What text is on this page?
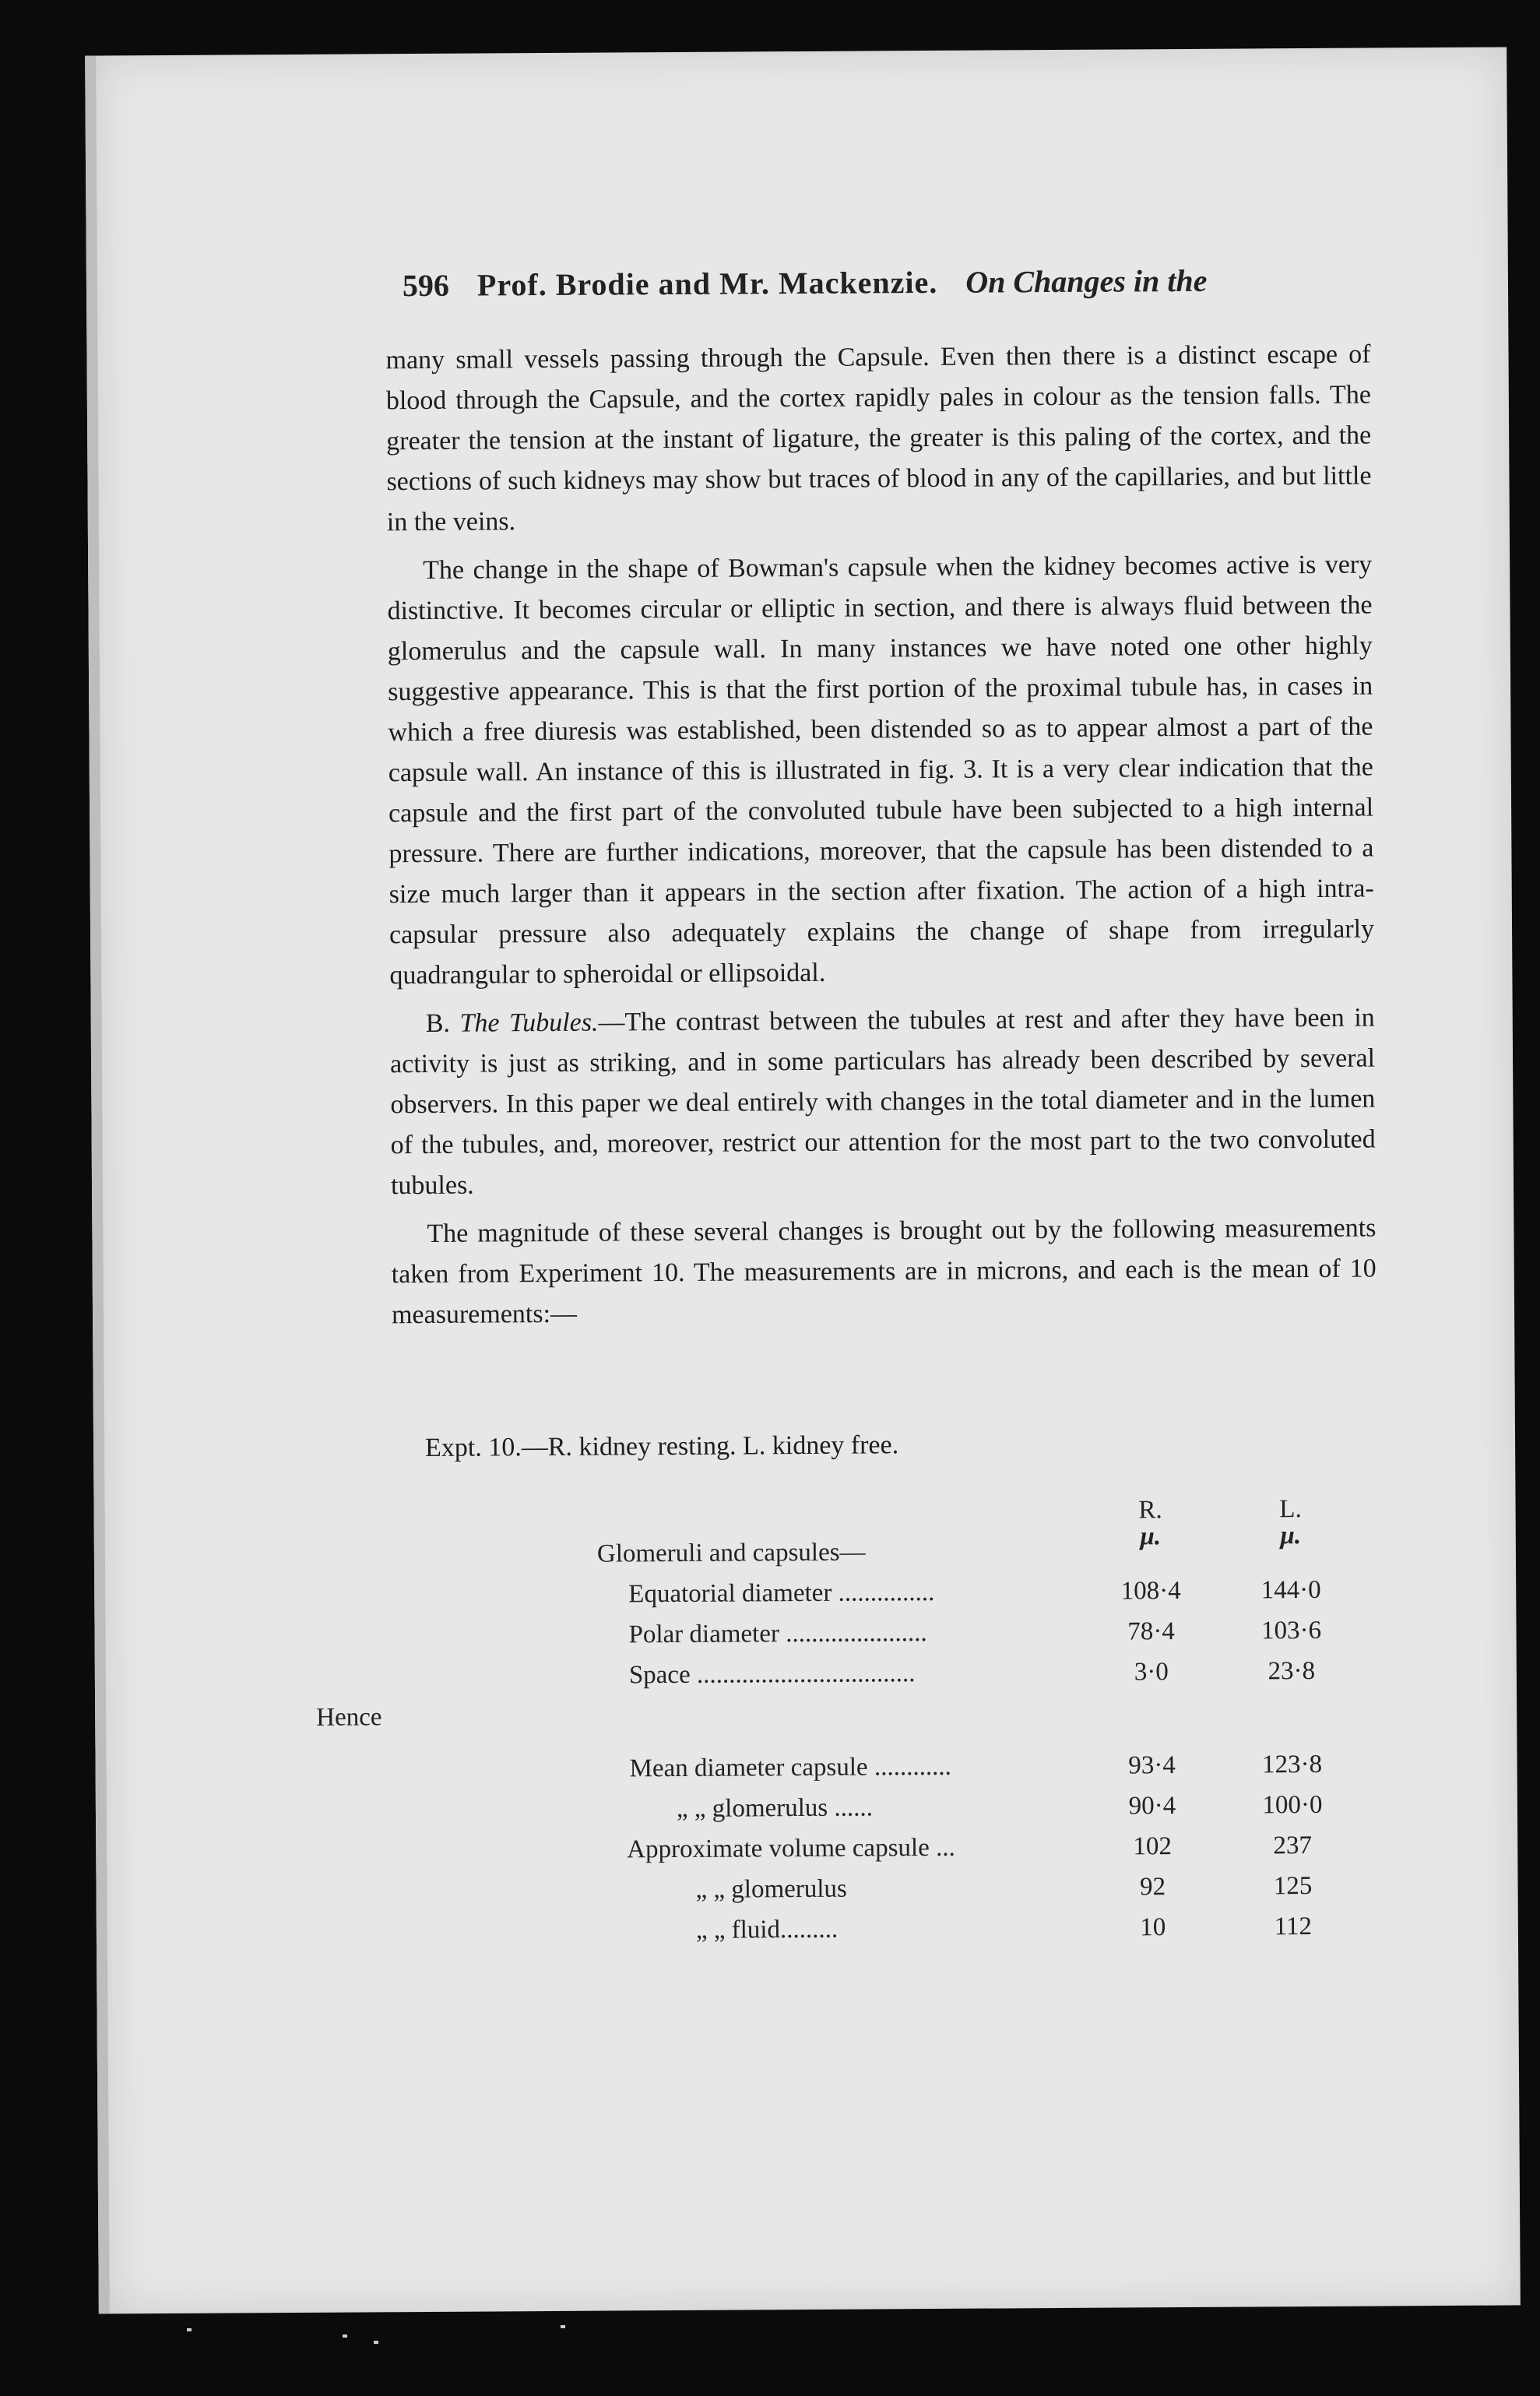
596 Prof. Brodie and Mr. Mackenzie. On Changes in the

many small vessels passing through the Capsule. Even then there is a distinct escape of blood through the Capsule, and the cortex rapidly pales in colour as the tension falls. The greater the tension at the instant of ligature, the greater is this paling of the cortex, and the sections of such kidneys may show but traces of blood in any of the capillaries, and but little in the veins.

The change in the shape of Bowman's capsule when the kidney becomes active is very distinctive. It becomes circular or elliptic in section, and there is always fluid between the glomerulus and the capsule wall. In many instances we have noted one other highly suggestive appearance. This is that the first portion of the proximal tubule has, in cases in which a free diuresis was established, been distended so as to appear almost a part of the capsule wall. An instance of this is illustrated in fig. 3. It is a very clear indication that the capsule and the first part of the convoluted tubule have been subjected to a high internal pressure. There are further indications, moreover, that the capsule has been distended to a size much larger than it appears in the section after fixation. The action of a high intra-capsular pressure also adequately explains the change of shape from irregularly quadrangular to spheroidal or ellipsoidal.

B. The Tubules.—The contrast between the tubules at rest and after they have been in activity is just as striking, and in some particulars has already been described by several observers. In this paper we deal entirely with changes in the total diameter and in the lumen of the tubules, and, moreover, restrict our attention for the most part to the two convoluted tubules.

The magnitude of these several changes is brought out by the following measurements taken from Experiment 10. The measurements are in microns, and each is the mean of 10 measurements:—

Expt. 10.—R. kidney resting. L. kidney free.
R.	L.
μ.	μ.
Glomeruli and capsules—
Equatorial diameter ...............	108·4	144·0
Polar diameter ......................	78·4	103·6
Space ..................................	3·0	23·8
Hence
Mean diameter capsule ............	93·4	123·8
„ „ glomerulus ......	90·4	100·0
Approximate volume capsule ...	102	237
„ „ glomerulus	92	125
„ „ fluid.........	10	112
